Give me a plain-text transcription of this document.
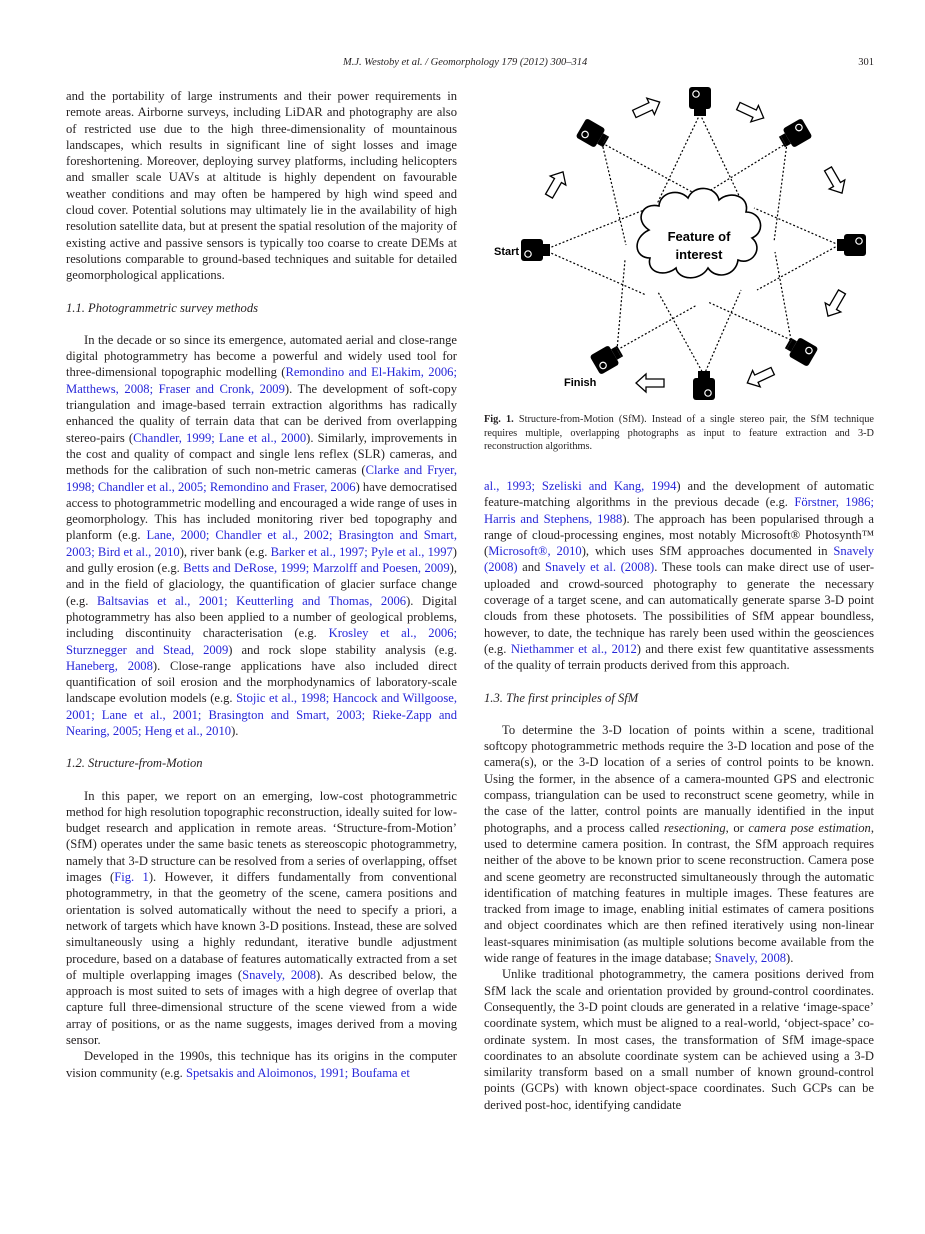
M.J. Westoby et al. / Geomorphology 179 (2012) 300–314	301

and the portability of large instruments and their power requirements in remote areas. Airborne surveys, including LiDAR and photography are also of restricted use due to the high three-dimensionality of mountainous landscapes, which results in significant line of sight losses and image foreshortening. Moreover, deploying survey platforms, including helicopters and smaller scale UAVs at altitude is highly dependent on favourable weather conditions and may often be hampered by high wind speed and cloud cover. Potential solutions may ultimately lie in the availability of high resolution satellite data, but at present the spatial resolution of the majority of existing active and passive sensors is typically too coarse to create DEMs at resolutions comparable to ground-based techniques and suitable for detailed geomorphological applications.

1.1. Photogrammetric survey methods

In the decade or so since its emergence, automated aerial and close-range digital photogrammetry has become a powerful and widely used tool for three-dimensional topographic modelling (Remondino and El-Hakim, 2006; Matthews, 2008; Fraser and Cronk, 2009). The development of soft-copy triangulation and image-based terrain extraction algorithms has radically enhanced the quality of terrain data that can be derived from overlapping stereo-pairs (Chandler, 1999; Lane et al., 2000). Similarly, improvements in the cost and quality of compact and single lens reflex (SLR) cameras, and methods for the calibration of such non-metric cameras (Clarke and Fryer, 1998; Chandler et al., 2005; Remondino and Fraser, 2006) have democratised access to photogrammetric modelling and encouraged a wide range of uses in geomorphology. This has included monitoring river bed topography and planform (e.g. Lane, 2000; Chandler et al., 2002; Brasington and Smart, 2003; Bird et al., 2010), river bank (e.g. Barker et al., 1997; Pyle et al., 1997) and gully erosion (e.g. Betts and DeRose, 1999; Marzolff and Poesen, 2009), and in the field of glaciology, the quantification of glacier surface change (e.g. Baltsavias et al., 2001; Keutterling and Thomas, 2006). Digital photogrammetry has also been applied to a number of geological problems, including discontinuity characterisation (e.g. Krosley et al., 2006; Sturznegger and Stead, 2009) and rock slope stability analysis (e.g. Haneberg, 2008). Close-range applications have also included direct quantification of soil erosion and the morphodynamics of laboratory-scale landscape evolution models (e.g. Stojic et al., 1998; Hancock and Willgoose, 2001; Lane et al., 2001; Brasington and Smart, 2003; Rieke-Zapp and Nearing, 2005; Heng et al., 2010).

1.2. Structure-from-Motion

In this paper, we report on an emerging, low-cost photogrammetric method for high resolution topographic reconstruction, ideally suited for low-budget research and application in remote areas. ‘Structure-from-Motion’ (SfM) operates under the same basic tenets as stereoscopic photogrammetry, namely that 3-D structure can be resolved from a series of overlapping, offset images (Fig. 1). However, it differs fundamentally from conventional photogrammetry, in that the geometry of the scene, camera positions and orientation is solved automatically without the need to specify a priori, a network of targets which have known 3-D positions. Instead, these are solved simultaneously using a highly redundant, iterative bundle adjustment procedure, based on a database of features automatically extracted from a set of multiple overlapping images (Snavely, 2008). As described below, the approach is most suited to sets of images with a high degree of overlap that capture full three-dimensional structure of the scene viewed from a wide array of positions, or as the name suggests, images derived from a moving sensor.

Developed in the 1990s, this technique has its origins in the computer vision community (e.g. Spetsakis and Aloimonos, 1991; Boufama et

Feature of
interest
Start
Finish
Fig. 1. Structure-from-Motion (SfM). Instead of a single stereo pair, the SfM technique requires multiple, overlapping photographs as input to feature extraction and 3-D reconstruction algorithms.

al., 1993; Szeliski and Kang, 1994) and the development of automatic feature-matching algorithms in the previous decade (e.g. Förstner, 1986; Harris and Stephens, 1988). The approach has been popularised through a range of cloud-processing engines, most notably Microsoft® Photosynth™ (Microsoft®, 2010), which uses SfM approaches documented in Snavely (2008) and Snavely et al. (2008). These tools can make direct use of user-uploaded and crowd-sourced photography to generate the necessary coverage of a target scene, and can automatically generate sparse 3-D point clouds from these photosets. The possibilities of SfM appear boundless, however, to date, the technique has rarely been used within the geosciences (e.g. Niethammer et al., 2012) and there exist few quantitative assessments of the quality of terrain products derived from this approach.

1.3. The first principles of SfM

To determine the 3-D location of points within a scene, traditional softcopy photogrammetric methods require the 3-D location and pose of the camera(s), or the 3-D location of a series of control points to be known. Using the former, in the absence of a camera-mounted GPS and electronic compass, triangulation can be used to reconstruct scene geometry, while in the case of the latter, control points are manually identified in the input photographs, and a process called resectioning, or camera pose estimation, used to determine camera position. In contrast, the SfM approach requires neither of the above to be known prior to scene reconstruction. Camera pose and scene geometry are reconstructed simultaneously through the automatic identification of matching features in multiple images. These features are tracked from image to image, enabling initial estimates of camera positions and object coordinates which are then refined iteratively using non-linear least-squares minimisation (as multiple solutions become available from the wide range of features in the image database; Snavely, 2008).

Unlike traditional photogrammetry, the camera positions derived from SfM lack the scale and orientation provided by ground-control coordinates. Consequently, the 3-D point clouds are generated in a relative ‘image-space’ coordinate system, which must be aligned to a real-world, ‘object-space’ co-ordinate system. In most cases, the transformation of SfM image-space coordinates to an absolute coordinate system can be achieved using a 3-D similarity transform based on a small number of known ground-control points (GCPs) with known object-space coordinates. Such GCPs can be derived post-hoc, identifying candidate
